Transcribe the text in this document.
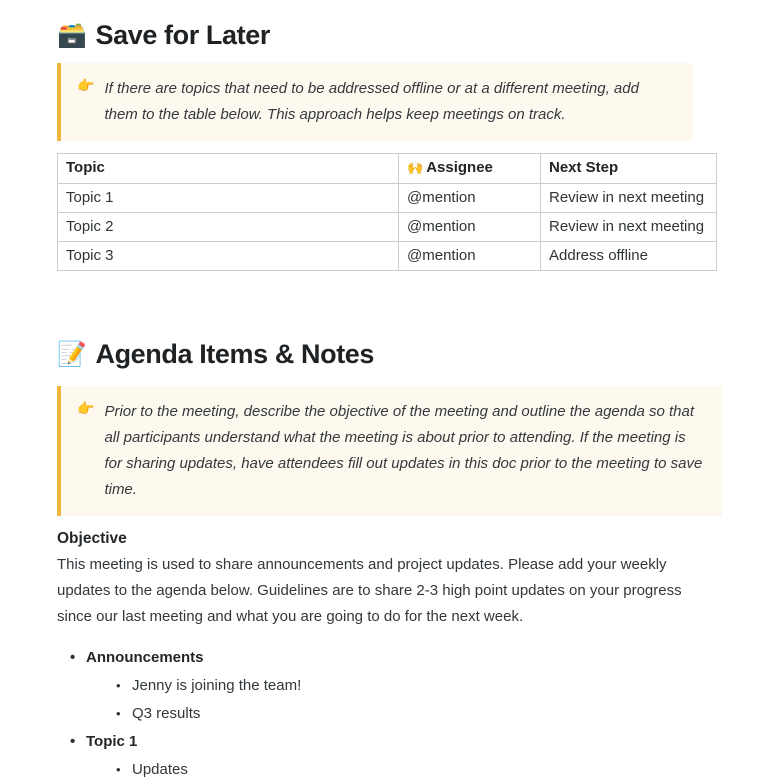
🗃️ Save for Later
👉 If there are topics that need to be addressed offline or at a different meeting, add them to the table below. This approach helps keep meetings on track.
Topic	🙌 Assignee	Next Step
Topic 1	@mention	Review in next meeting
Topic 2	@mention	Review in next meeting
Topic 3	@mention	Address offline
📝 Agenda Items & Notes
👉 Prior to the meeting, describe the objective of the meeting and outline the agenda so that all participants understand what the meeting is about prior to attending. If the meeting is for sharing updates, have attendees fill out updates in this doc prior to the meeting to save time.
Objective

This meeting is used to share announcements and project updates. Please add your weekly updates to the agenda below. Guidelines are to share 2-3 high point updates on your progress since our last meeting and what you are going to do for the next week.

• Announcements
• Jenny is joining the team!
• Q3 results
• Topic 1
• Updates
